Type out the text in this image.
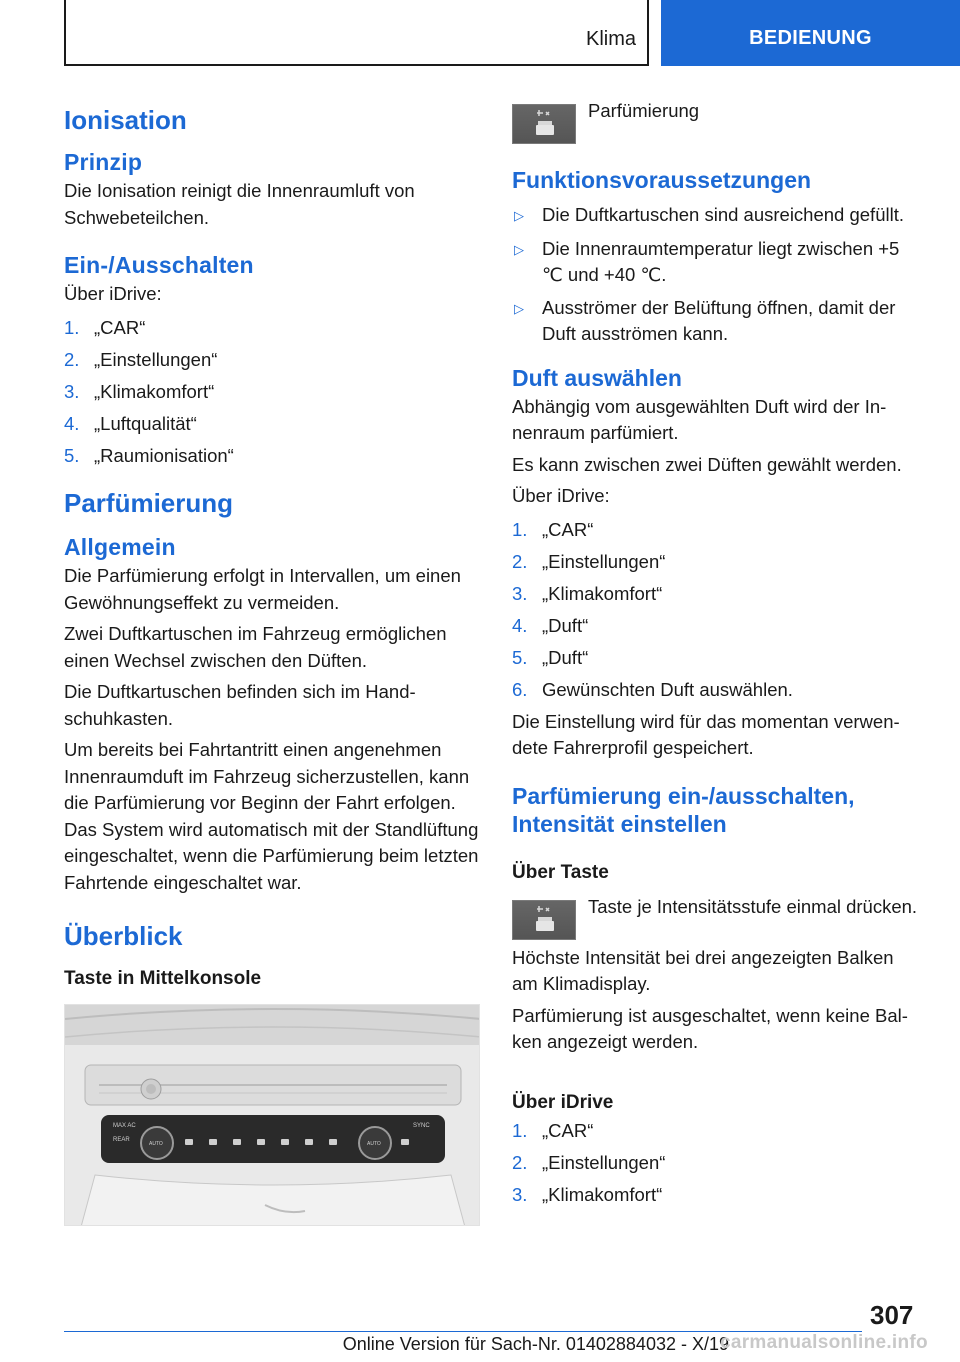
Klima	BEDIENUNG
Ionisation
Prinzip

Die Ionisation reinigt die Innenraumluft von Schwebeteilchen.

Ein-/Ausschalten

Über iDrive:

1. „CAR“
2. „Einstellungen“
3. „Klimakomfort“
4. „Luftqualität“
5. „Raumionisation“
Parfümierung
Allgemein

Die Parfümierung erfolgt in Intervallen, um einen Gewöhnungseffekt zu vermeiden.

Zwei Duftkartuschen im Fahrzeug ermöglichen einen Wechsel zwischen den Düften.

Die Duftkartuschen befinden sich im Handschuhkasten.

Um bereits bei Fahrtantritt einen angenehmen Innenraumduft im Fahrzeug sicherzustellen, kann die Parfümierung vor Beginn der Fahrt erfolgen. Das System wird automatisch mit der Standlüftung eingeschaltet, wenn die Parfümierung beim letzten Fahrtende eingeschaltet war.

Überblick
Taste in Mittelkonsole
MAX AC
REAR
SYNC
AUTO	AUTO

Parfümierung

Funktionsvoraussetzungen
▷ Die Duftkartuschen sind ausreichend gefüllt.
▷ Die Innenraumtemperatur liegt zwischen +5 ℃ und +40 ℃.
▷ Ausströmer der Belüftung öffnen, damit der Duft ausströmen kann.
Duft auswählen

Abhängig vom ausgewählten Duft wird der Innenraum parfümiert.

Es kann zwischen zwei Düften gewählt werden.

Über iDrive:

1. „CAR“
2. „Einstellungen“
3. „Klimakomfort“
4. „Duft“
5. „Duft“
6. Gewünschten Duft auswählen.

Die Einstellung wird für das momentan verwendete Fahrerprofil gespeichert.

Parfümierung ein-/ausschalten, Intensität einstellen
Über Taste

Taste je Intensitätsstufe einmal drücken.

Höchste Intensität bei drei angezeigten Balken am Klimadisplay.

Parfümierung ist ausgeschaltet, wenn keine Balken angezeigt werden.

Über iDrive
1. „CAR“
2. „Einstellungen“
3. „Klimakomfort“
307
Online Version für Sach-Nr. 01402884032 - X/19
carmanualsonline.info
